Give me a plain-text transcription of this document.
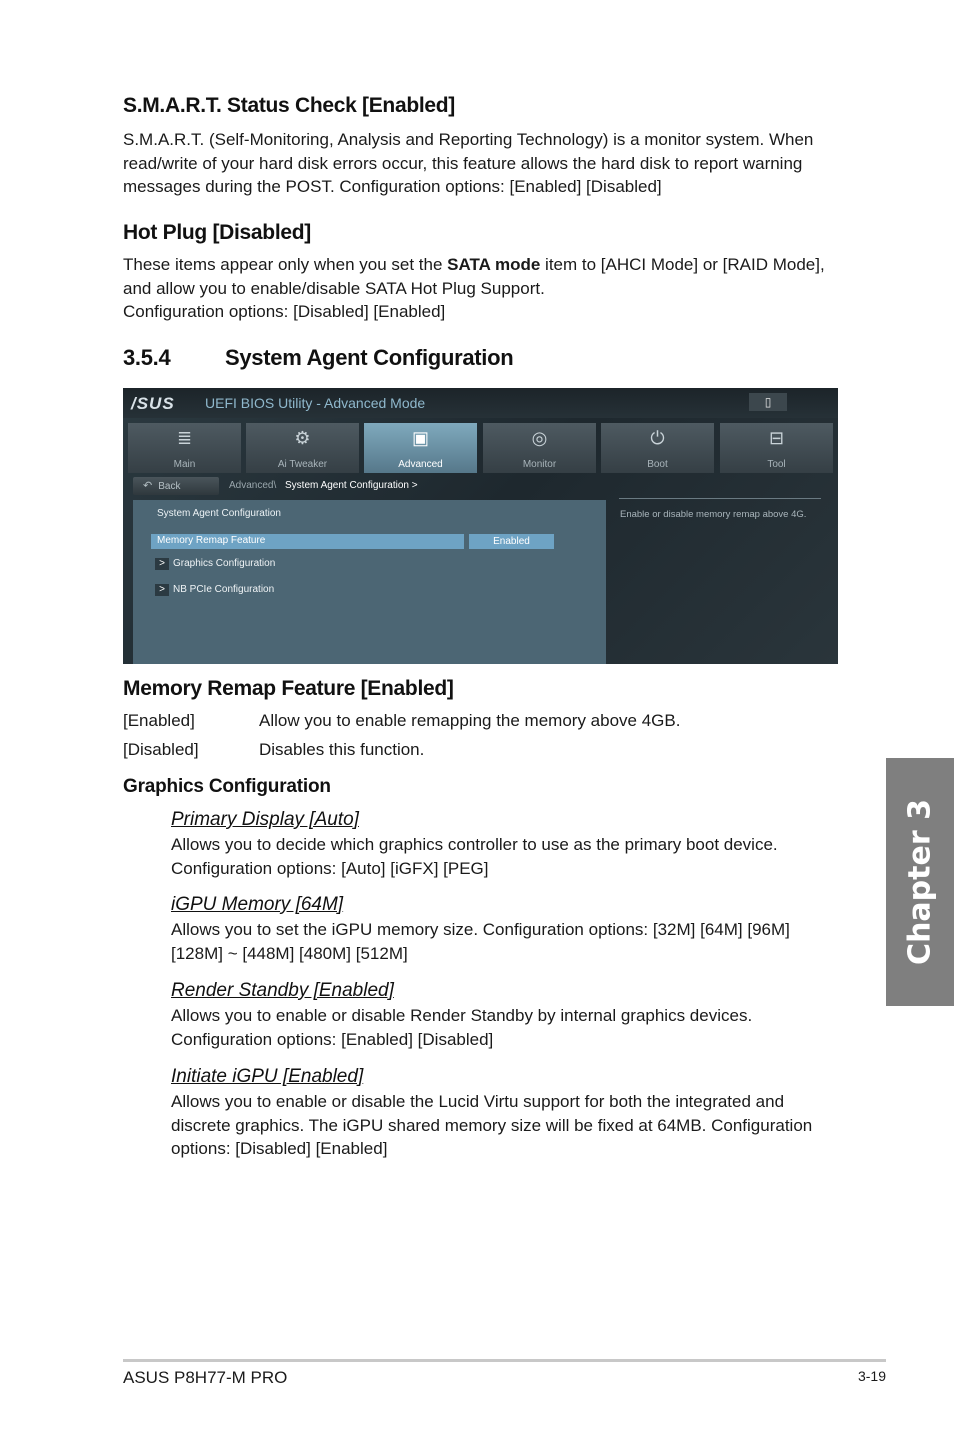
S.M.A.R.T. Status Check [Enabled]

S.M.A.R.T. (Self-Monitoring, Analysis and Reporting Technology) is a monitor system. When
read/write of your hard disk errors occur, this feature allows the hard disk to report warning
messages during the POST. Configuration options: [Enabled] [Disabled]

Hot Plug [Disabled]

These items appear only when you set the SATA mode item to [AHCI Mode] or [RAID Mode],
and allow you to enable/disable SATA Hot Plug Support.
Configuration options: [Disabled] [Enabled]

3.5.4 System Agent Configuration
/SUS UEFI BIOS Utility - Advanced Mode	▯
≣
Main
⚙
Ai Tweaker
▣
Advanced
◎
Monitor
⏻
Boot
⊟
Tool
↶ Back	Advanced\ System Agent Configuration >
System Agent Configuration
Memory Remap Feature	Enabled
> Graphics Configuration
> NB PCIe Configuration
Enable or disable memory remap above 4G.
Memory Remap Feature [Enabled]
[Enabled]	Allow you to enable remapping the memory above 4GB.
[Disabled]	Disables this function.
Graphics Configuration
Primary Display [Auto]

Allows you to decide which graphics controller to use as the primary boot device.
Configuration options: [Auto] [iGFX] [PEG]

iGPU Memory [64M]

Allows you to set the iGPU memory size. Configuration options: [32M] [64M] [96M]
[128M] ~ [448M] [480M] [512M]

Render Standby [Enabled]

Allows you to enable or disable Render Standby by internal graphics devices.
Configuration options: [Enabled] [Disabled]

Initiate iGPU [Enabled]

Allows you to enable or disable the Lucid Virtu support for both the integrated and
discrete graphics. The iGPU shared memory size will be fixed at 64MB. Configuration
options: [Disabled] [Enabled]

Chapter 3
ASUS P8H77-M PRO	3-19
